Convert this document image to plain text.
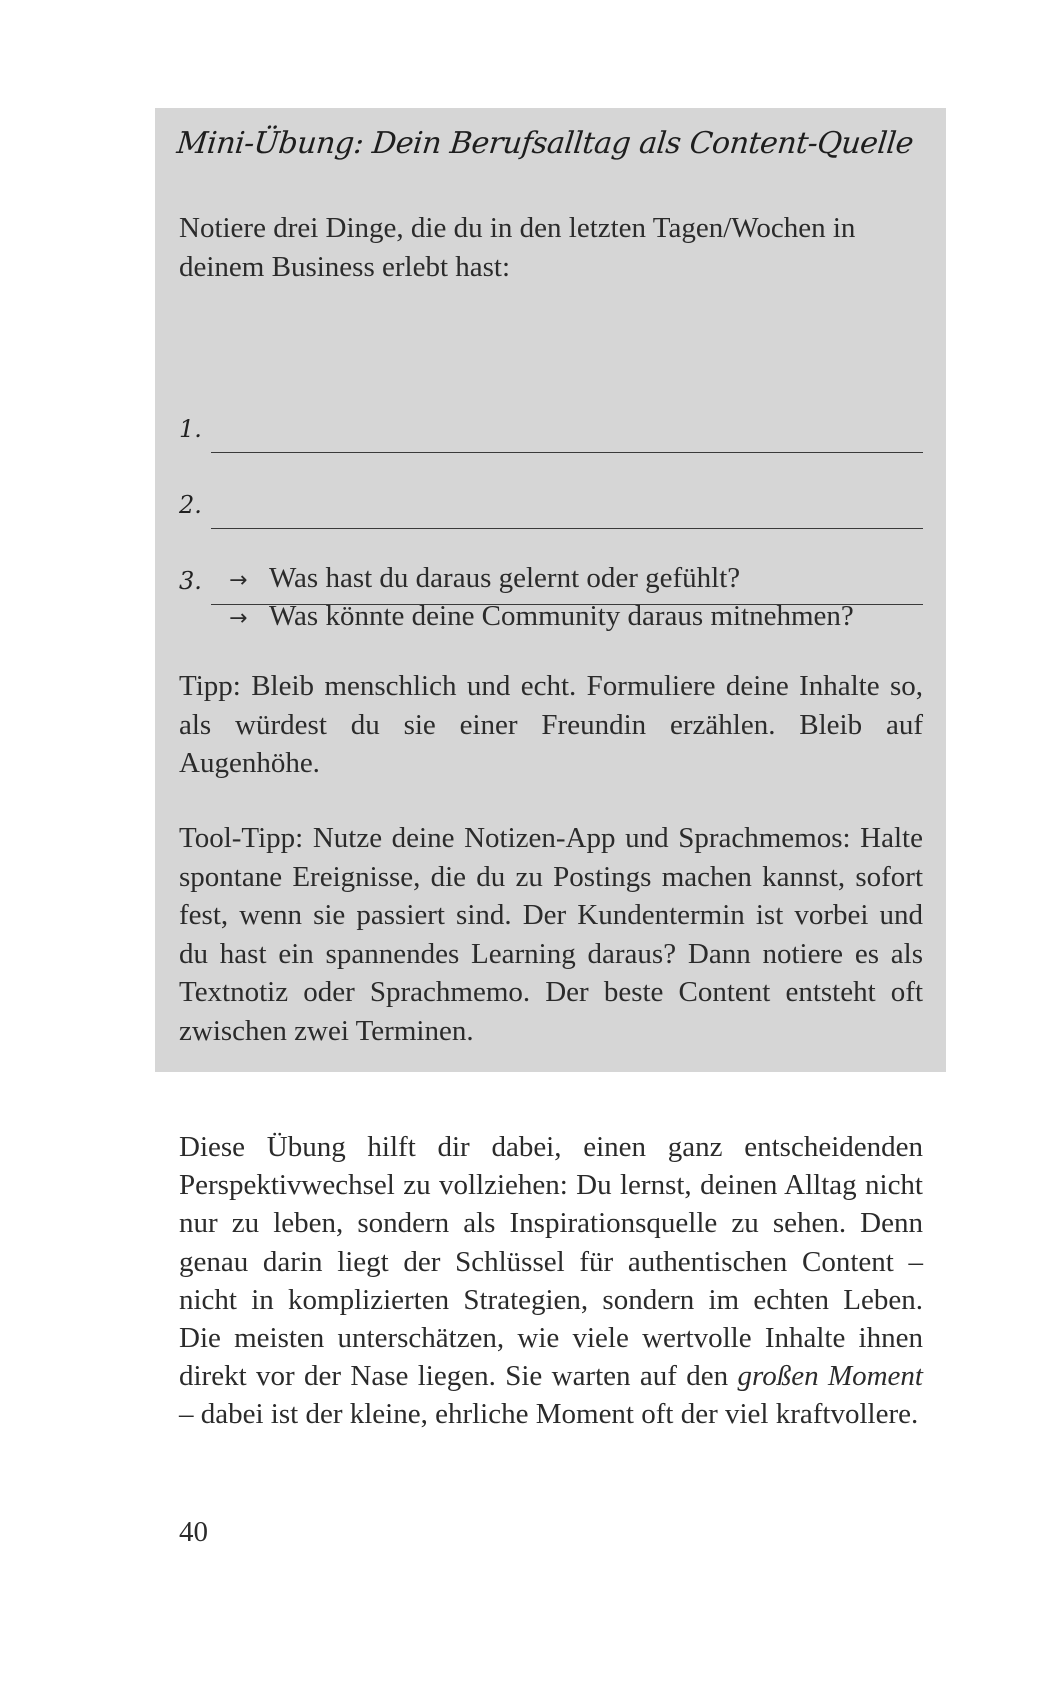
Mini-Übung: Dein Berufsalltag als Content-Quelle

Notiere drei Dinge, die du in den letzten Tagen/Wochen in deinem Business erlebt hast:

1.
2.
3. → Was hast du daraus gelernt oder gefühlt?
→ Was könnte deine Community daraus mitnehmen?

Tipp: Bleib menschlich und echt. Formuliere deine Inhalte so, als würdest du sie einer Freundin erzählen. Bleib auf Augenhöhe.

Tool-Tipp: Nutze deine Notizen-App und Sprachmemos: Halte spontane Ereignisse, die du zu Postings machen kannst, sofort fest, wenn sie passiert sind. Der Kundentermin ist vorbei und du hast ein spannendes Learning daraus? Dann notiere es als Textnotiz oder Sprachmemo. Der beste Content entsteht oft zwischen zwei Terminen.

Diese Übung hilft dir dabei, einen ganz entscheidenden Perspektivwechsel zu vollziehen: Du lernst, deinen Alltag nicht nur zu leben, sondern als Inspirationsquelle zu sehen. Denn genau darin liegt der Schlüssel für authentischen Content – nicht in komplizierten Strategien, sondern im echten Leben. Die meisten unterschätzen, wie viele wertvolle Inhalte ihnen direkt vor der Nase liegen. Sie warten auf den großen Moment – dabei ist der kleine, ehrliche Moment oft der viel kraftvollere.

40
